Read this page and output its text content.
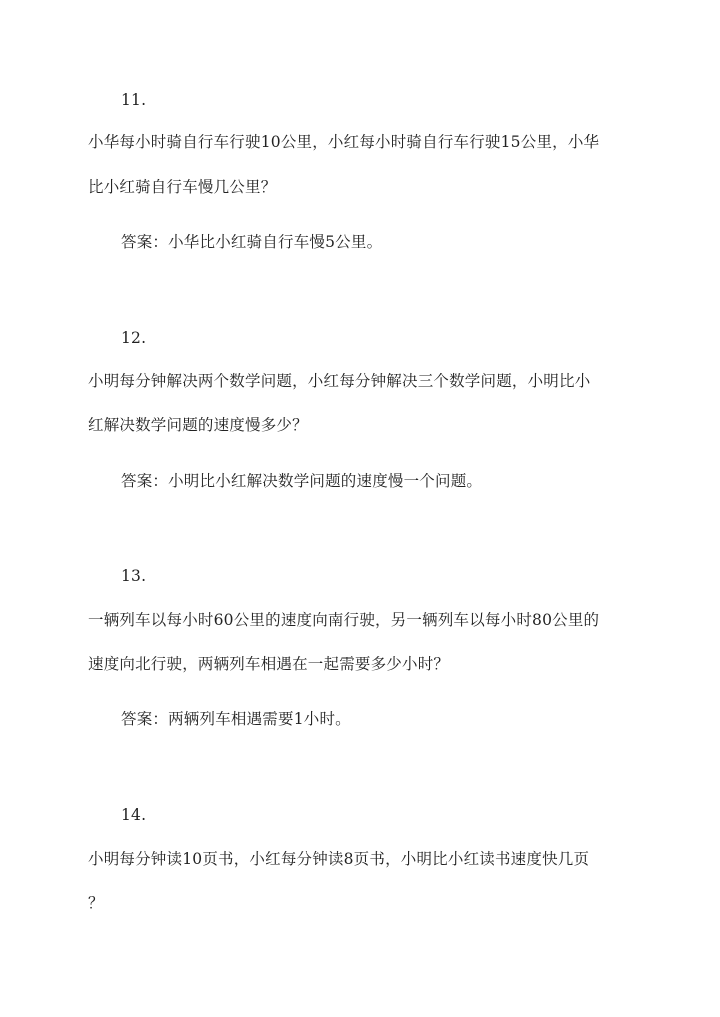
11.
小华每小时骑自行车行驶10公里，小红每小时骑自行车行驶15公里，小华
比小红骑自行车慢几公里？
答案：小华比小红骑自行车慢5公里。
12.
小明每分钟解决两个数学问题，小红每分钟解决三个数学问题，小明比小
红解决数学问题的速度慢多少？
答案：小明比小红解决数学问题的速度慢一个问题。
13.
一辆列车以每小时60公里的速度向南行驶，另一辆列车以每小时80公里的
速度向北行驶，两辆列车相遇在一起需要多少小时？
答案：两辆列车相遇需要1小时。
14.
小明每分钟读10页书，小红每分钟读8页书，小明比小红读书速度快几页
？
